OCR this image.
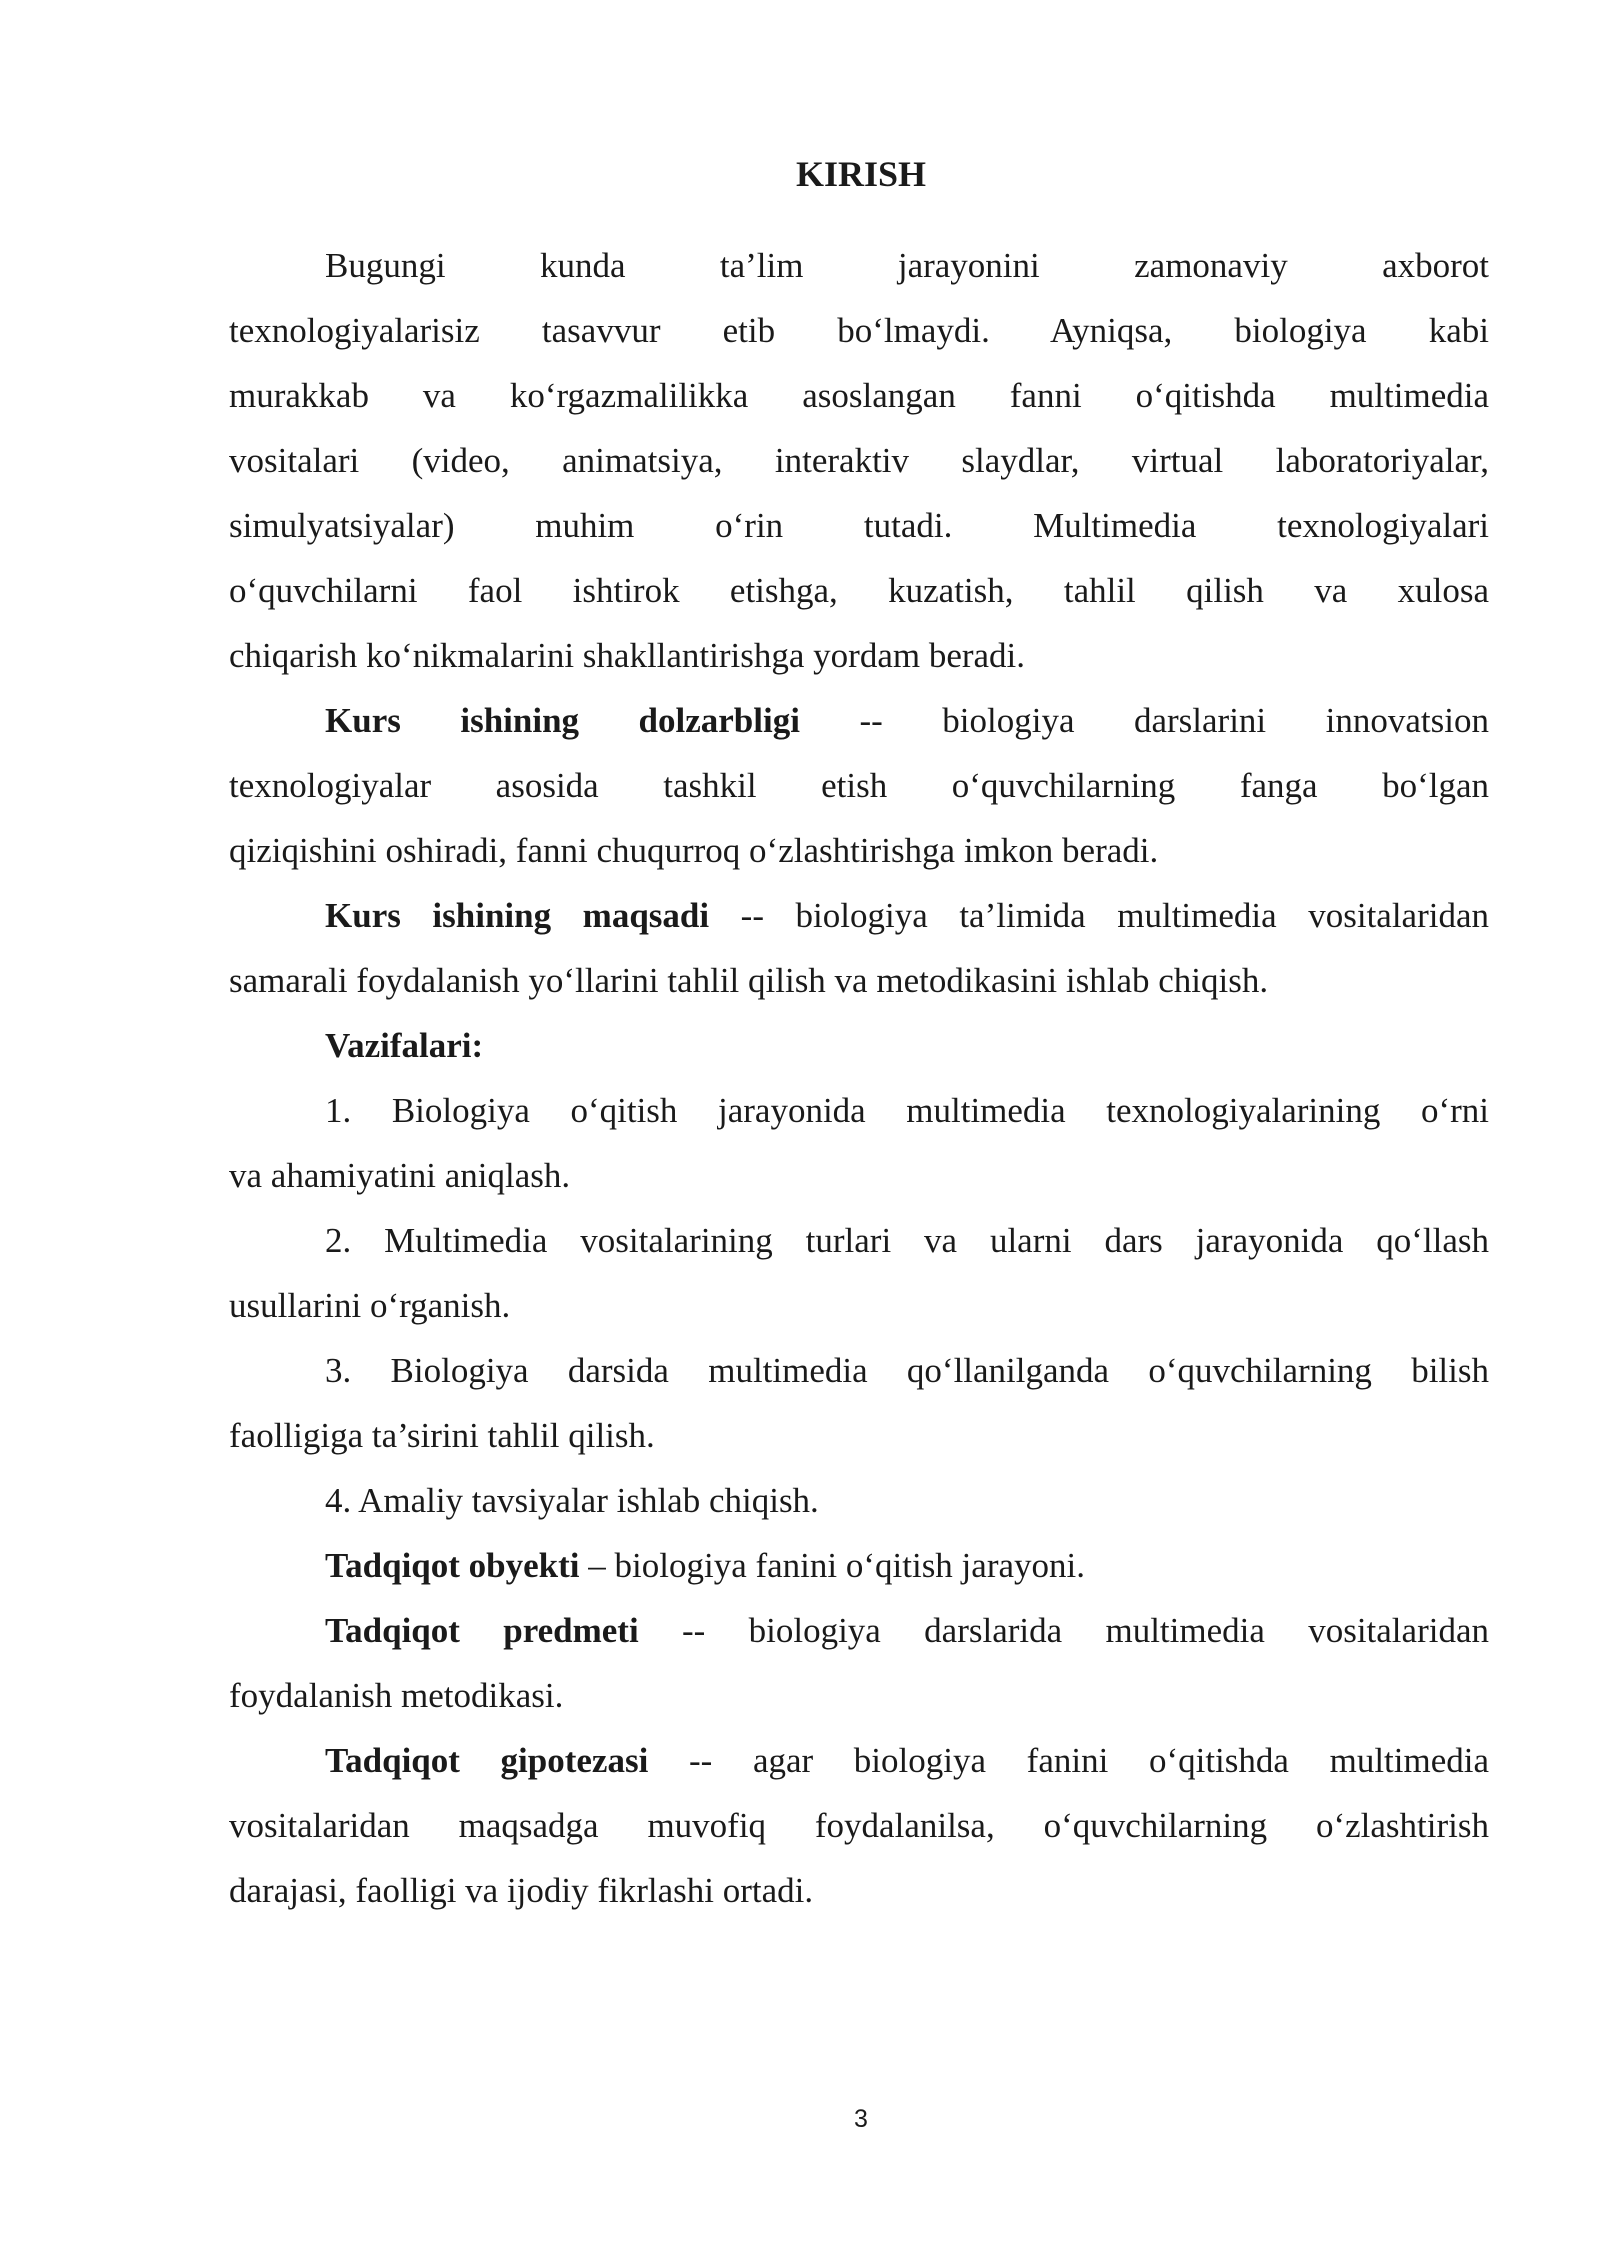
KIRISH
Bugungi kunda ta’lim jarayonini zamonaviy axborot
texnologiyalarisiz tasavvur etib bo‘lmaydi. Ayniqsa, biologiya kabi
murakkab va ko‘rgazmalilikka asoslangan fanni o‘qitishda multimedia
vositalari (video, animatsiya, interaktiv slaydlar, virtual laboratoriyalar,
simulyatsiyalar) muhim o‘rin tutadi. Multimedia texnologiyalari
o‘quvchilarni faol ishtirok etishga, kuzatish, tahlil qilish va xulosa
chiqarish ko‘nikmalarini shakllantirishga yordam beradi.
Kurs ishining dolzarbligi -- biologiya darslarini innovatsion
texnologiyalar asosida tashkil etish o‘quvchilarning fanga bo‘lgan
qiziqishini oshiradi, fanni chuqurroq o‘zlashtirishga imkon beradi.
Kurs ishining maqsadi -- biologiya ta’limida multimedia vositalaridan
samarali foydalanish yo‘llarini tahlil qilish va metodikasini ishlab chiqish.
Vazifalari:
1. Biologiya o‘qitish jarayonida multimedia texnologiyalarining o‘rni
va ahamiyatini aniqlash.
2. Multimedia vositalarining turlari va ularni dars jarayonida qo‘llash
usullarini o‘rganish.
3. Biologiya darsida multimedia qo‘llanilganda o‘quvchilarning bilish
faolligiga ta’sirini tahlil qilish.
4. Amaliy tavsiyalar ishlab chiqish.
Tadqiqot obyekti – biologiya fanini o‘qitish jarayoni.
Tadqiqot predmeti -- biologiya darslarida multimedia vositalaridan
foydalanish metodikasi.
Tadqiqot gipotezasi -- agar biologiya fanini o‘qitishda multimedia
vositalaridan maqsadga muvofiq foydalanilsa, o‘quvchilarning o‘zlashtirish
darajasi, faolligi va ijodiy fikrlashi ortadi.
3
